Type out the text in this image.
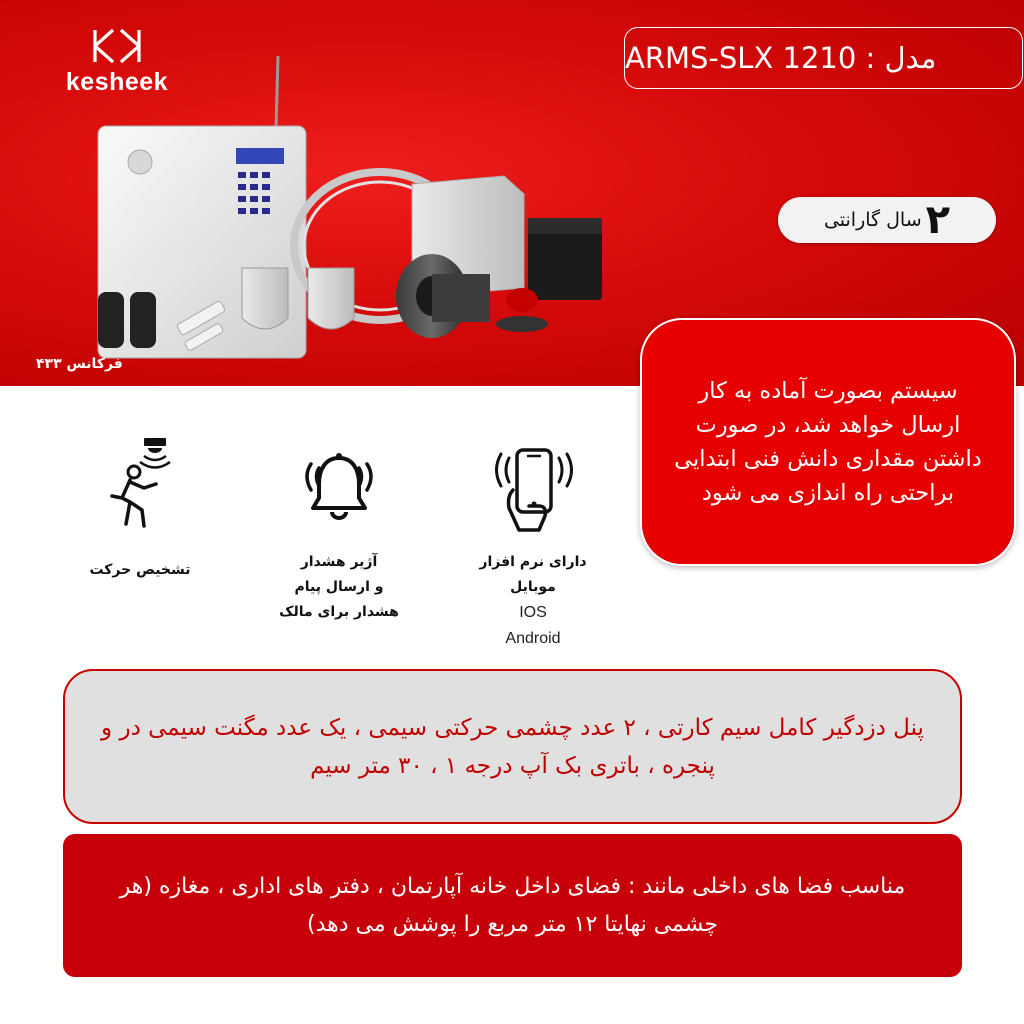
kesheek
مدل : ARMS-SLX 1210
۲
سال گارانتی
فرکانس ۴۳۳

سیستم بصورت آماده به کار ارسال خواهد شد، در صورت داشتن مقداری دانش فنی ابتدایی براحتی راه اندازی می شود

تشخیص حرکت	آژیر هشدار
و ارسال پیام
هشدار برای مالک
دارای نرم افزار
موبایل
IOS
Android

پنل دزدگیر کامل سیم کارتی ، ۲ عدد چشمی حرکتی سیمی ، یک عدد مگنت سیمی در و پنجره ، باتری بک آپ درجه ۱ ، ۳۰ متر سیم

مناسب فضا های داخلی مانند : فضای داخل خانه آپارتمان ، دفتر های اداری ، مغازه (هر چشمی نهایتا ۱۲ متر مربع را پوشش می دهد)
